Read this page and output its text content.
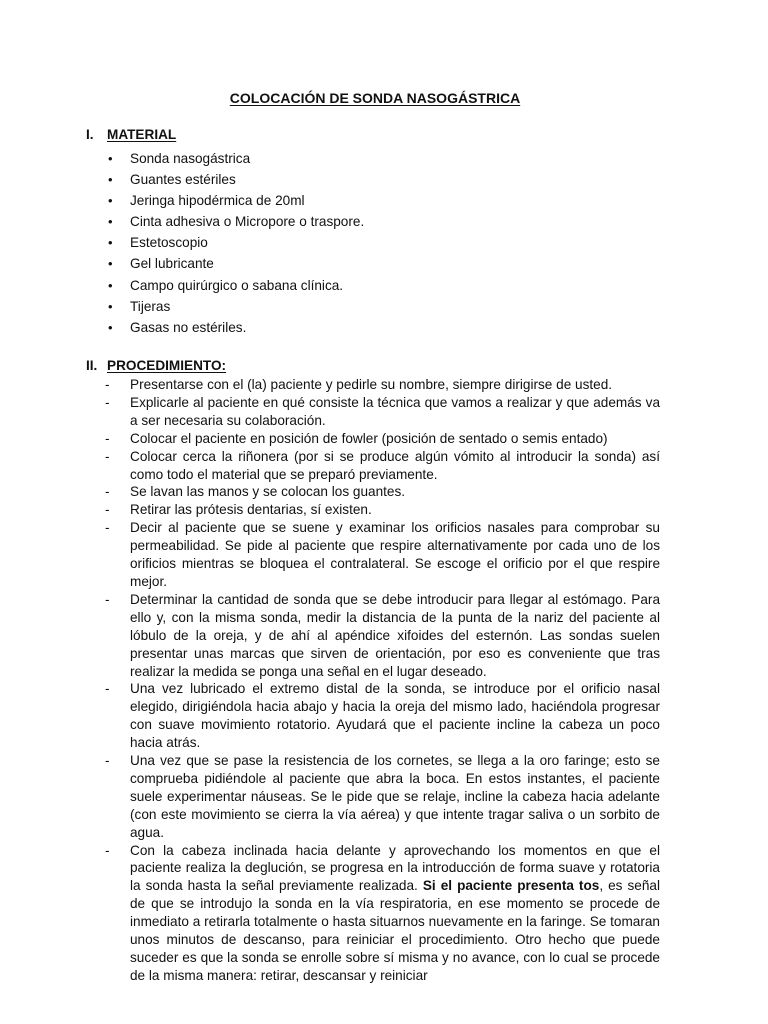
COLOCACIÓN DE SONDA NASOGÁSTRICA
I. MATERIAL
• Sonda nasogástrica
• Guantes estériles
• Jeringa hipodérmica de 20ml
• Cinta adhesiva o Micropore o traspore.
• Estetoscopio
• Gel lubricante
• Campo quirúrgico o sabana clínica.
• Tijeras
• Gasas no estériles.
II. PROCEDIMIENTO:
- Presentarse con el (la) paciente y pedirle su nombre, siempre dirigirse de usted.
- Explicarle al paciente en qué consiste la técnica que vamos a realizar y que además va a ser necesaria su colaboración.
- Colocar el paciente en posición de fowler (posición de sentado o semis entado)
- Colocar cerca la riñonera (por si se produce algún vómito al introducir la sonda) así como todo el material que se preparó previamente.
- Se lavan las manos y se colocan los guantes.
- Retirar las prótesis dentarias, sí existen.
- Decir al paciente que se suene y examinar los orificios nasales para comprobar su permeabilidad. Se pide al paciente que respire alternativamente por cada uno de los orificios mientras se bloquea el contralateral. Se escoge el orificio por el que respire mejor.
- Determinar la cantidad de sonda que se debe introducir para llegar al estómago. Para ello y, con la misma sonda, medir la distancia de la punta de la nariz del paciente al lóbulo de la oreja, y de ahí al apéndice xifoides del esternón. Las sondas suelen presentar unas marcas que sirven de orientación, por eso es conveniente que tras realizar la medida se ponga una señal en el lugar deseado.
- Una vez lubricado el extremo distal de la sonda, se introduce por el orificio nasal elegido, dirigiéndola hacia abajo y hacia la oreja del mismo lado, haciéndola progresar con suave movimiento rotatorio. Ayudará que el paciente incline la cabeza un poco hacia atrás.
- Una vez que se pase la resistencia de los cornetes, se llega a la oro faringe; esto se comprueba pidiéndole al paciente que abra la boca. En estos instantes, el paciente suele experimentar náuseas. Se le pide que se relaje, incline la cabeza hacia adelante (con este movimiento se cierra la vía aérea) y que intente tragar saliva o un sorbito de agua.
- Con la cabeza inclinada hacia delante y aprovechando los momentos en que el paciente realiza la deglución, se progresa en la introducción de forma suave y rotatoria la sonda hasta la señal previamente realizada. Si el paciente presenta tos, es señal de que se introdujo la sonda en la vía respiratoria, en ese momento se procede de inmediato a retirarla totalmente o hasta situarnos nuevamente en la faringe. Se tomaran unos minutos de descanso, para reiniciar el procedimiento. Otro hecho que puede suceder es que la sonda se enrolle sobre sí misma y no avance, con lo cual se procede de la misma manera: retirar, descansar y reiniciar
